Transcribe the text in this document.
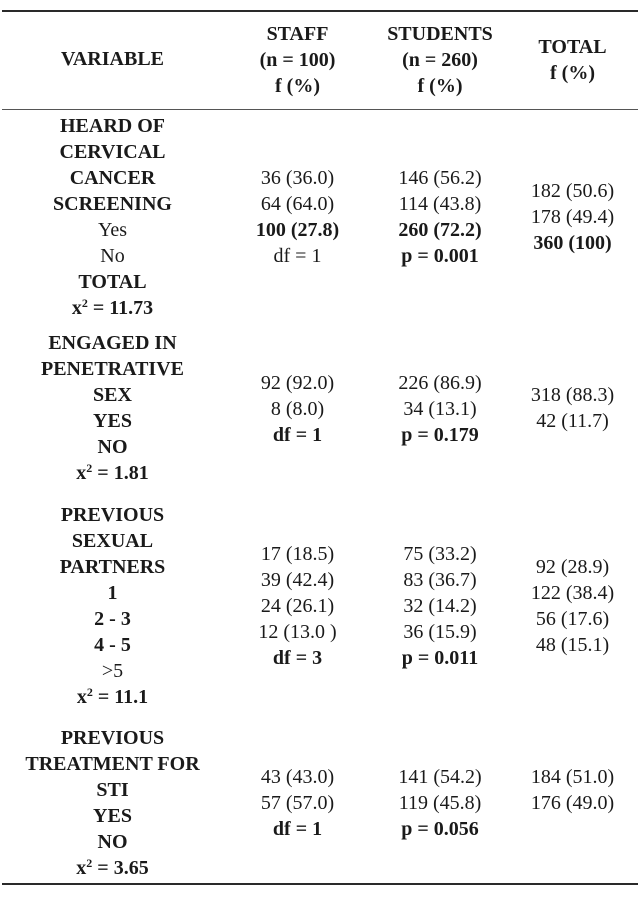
VARIABLE
STAFF
(n = 100)
f (%)
STUDENTS
(n = 260)
f (%)
TOTAL
f (%)
HEARD OF
CERVICAL
CANCER
SCREENING
Yes
No
TOTAL
$x^2 = 11.73$
36 (36.0)
64 (64.0)
100 (27.8)
df = 1
146 (56.2)
114 (43.8)
260 (72.2)
p = 0.001
182 (50.6)
178 (49.4)
360 (100)
ENGAGED IN
PENETRATIVE
SEX
YES
NO
$x^2 = 1.81$
92 (92.0)
8 (8.0)
df = 1
226 (86.9)
34 (13.1)
p = 0.179
318 (88.3)
42 (11.7)
PREVIOUS
SEXUAL
PARTNERS
1
2 - 3
4 - 5
>5
$x^2 = 11.1$
17 (18.5)
39 (42.4)
24 (26.1)
12 (13.0 )
df = 3
75 (33.2)
83 (36.7)
32 (14.2)
36 (15.9)
p = 0.011
92 (28.9)
122 (38.4)
56 (17.6)
48 (15.1)
PREVIOUS
TREATMENT FOR
STI
YES
NO
$x^2 = 3.65$
43 (43.0)
57 (57.0)
df = 1
141 (54.2)
119 (45.8)
p = 0.056
184 (51.0)
176 (49.0)
